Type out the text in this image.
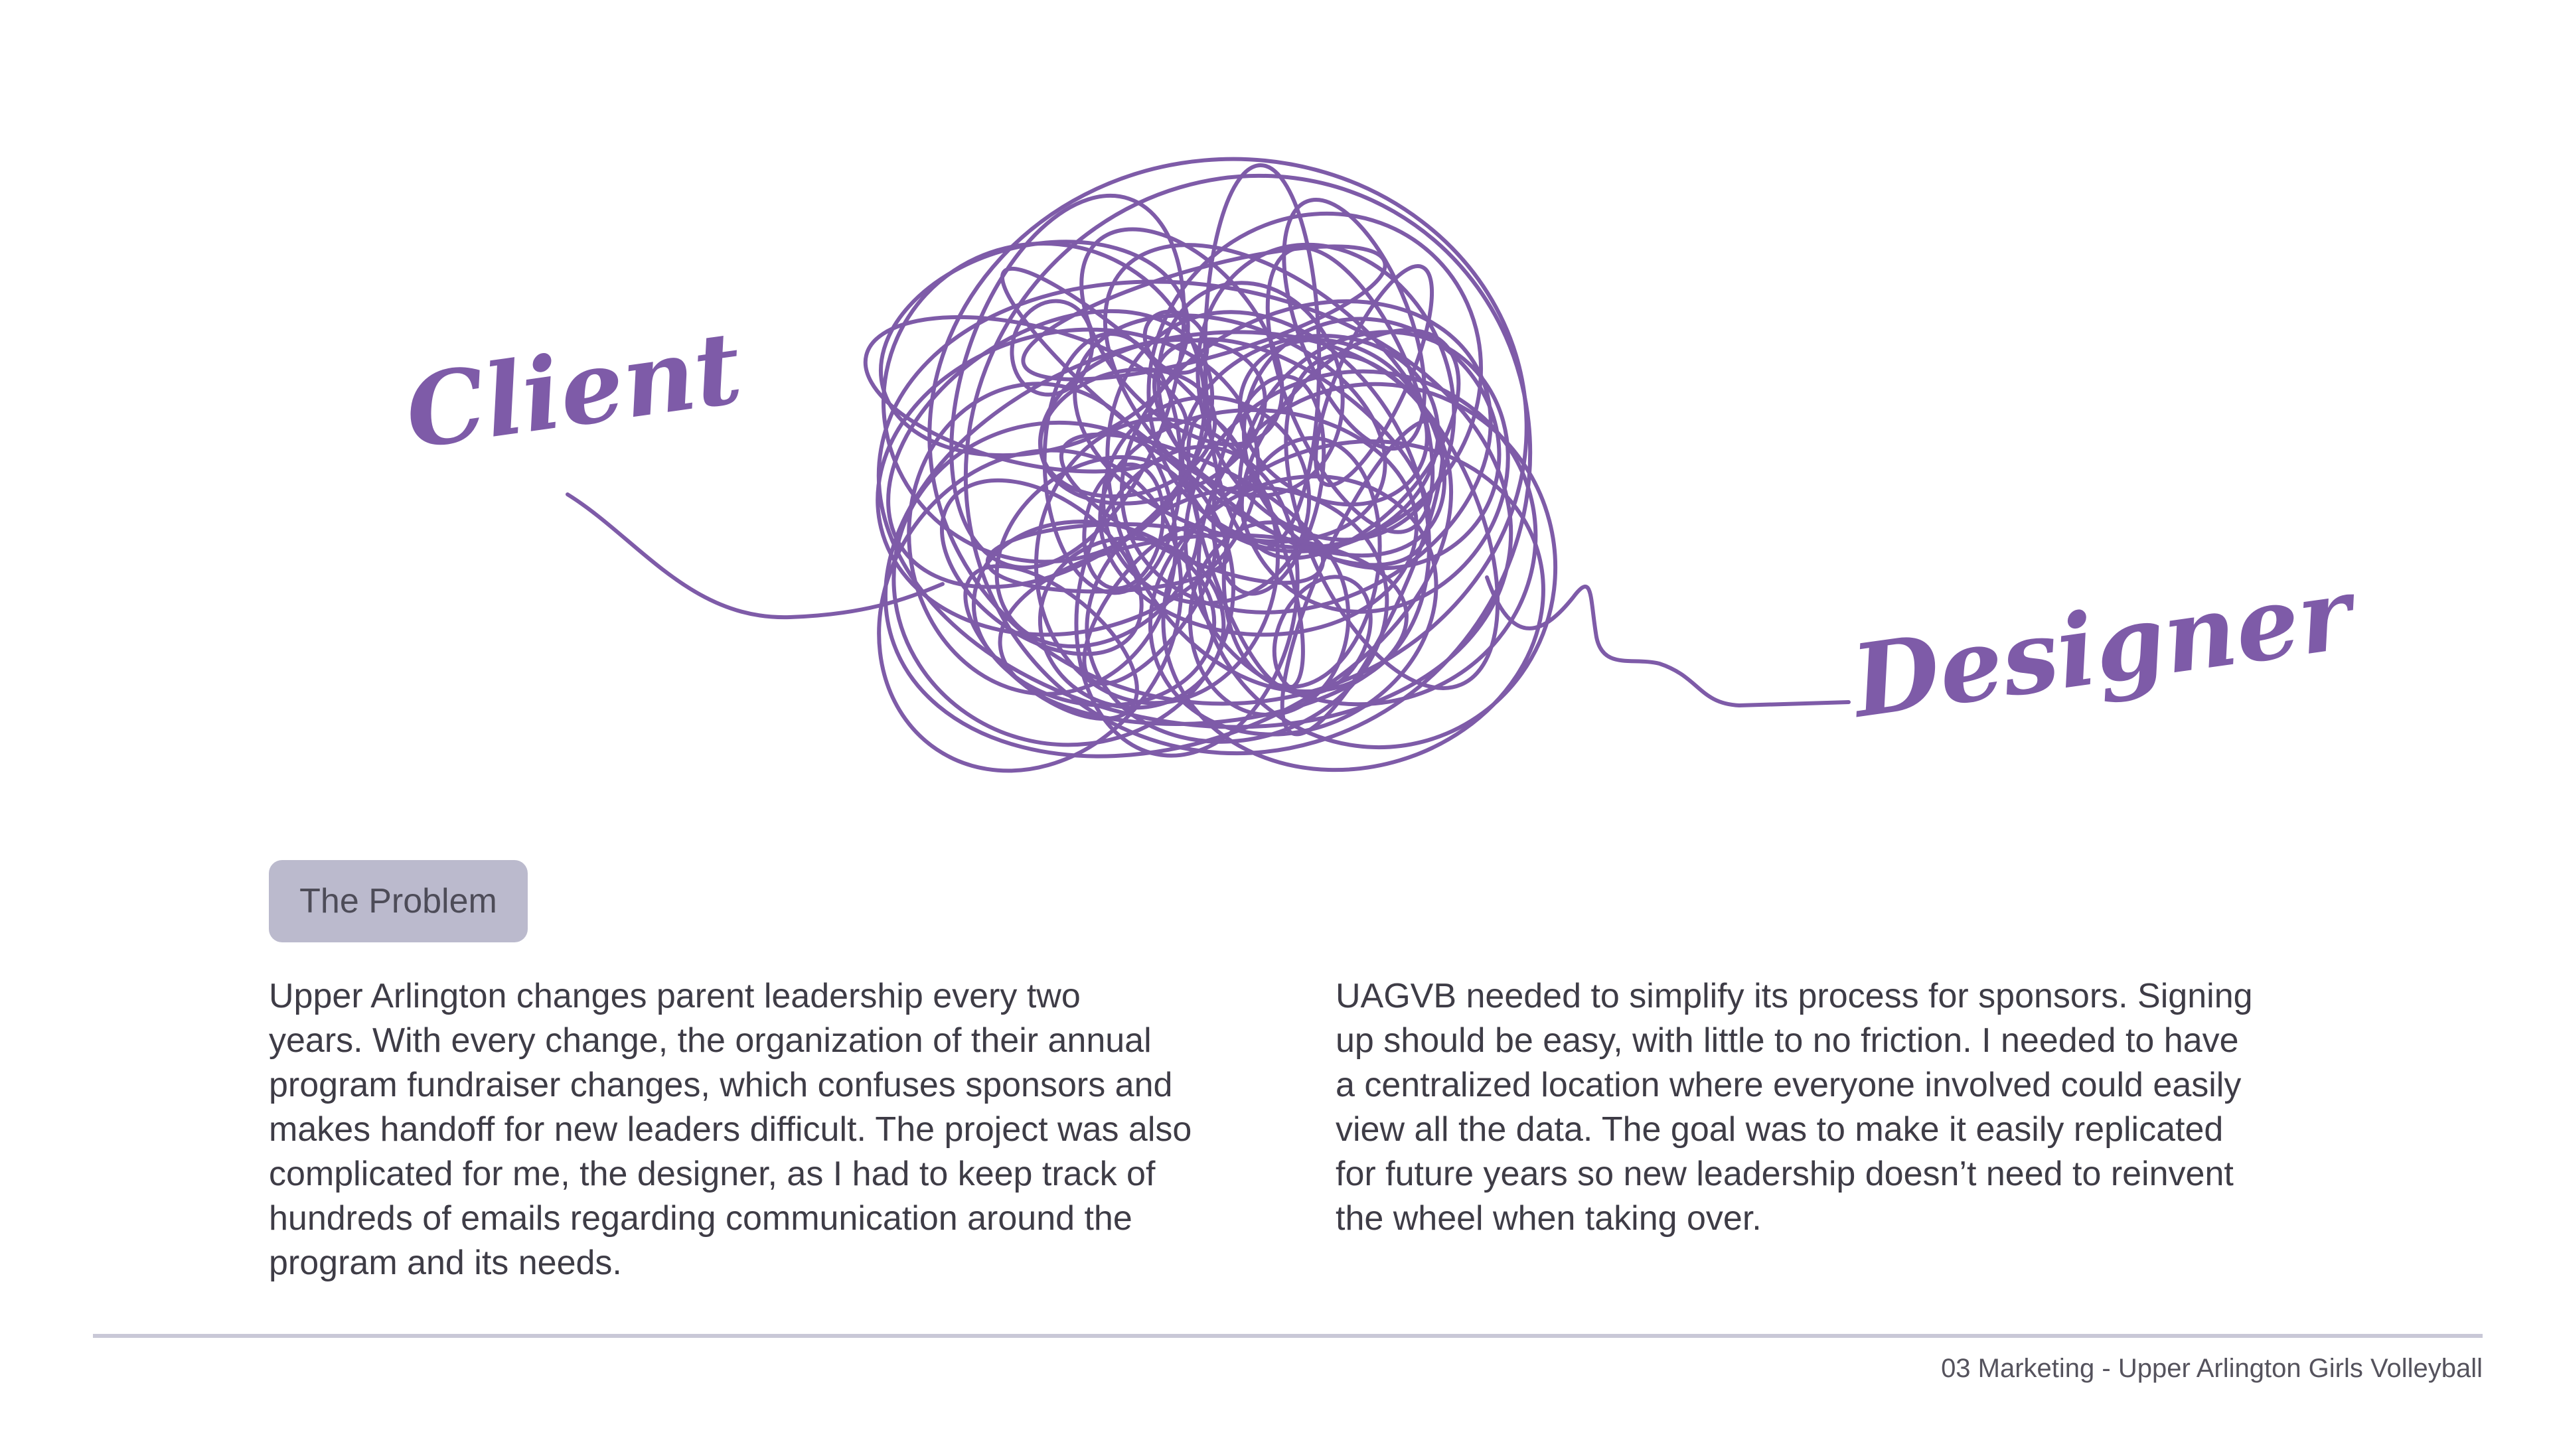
Client
Designer
The Problem
Upper Arlington changes parent leadership every two
years. With every change, the organization of their annual
program fundraiser changes, which confuses sponsors and
makes handoff for new leaders difficult. The project was also
complicated for me, the designer, as I had to keep track of
hundreds of emails regarding communication around the
program and its needs.
UAGVB needed to simplify its process for sponsors. Signing
up should be easy, with little to no friction. I needed to have
a centralized location where everyone involved could easily
view all the data. The goal was to make it easily replicated
for future years so new leadership doesn’t need to reinvent
the wheel when taking over.
03 Marketing - Upper Arlington Girls Volleyball
